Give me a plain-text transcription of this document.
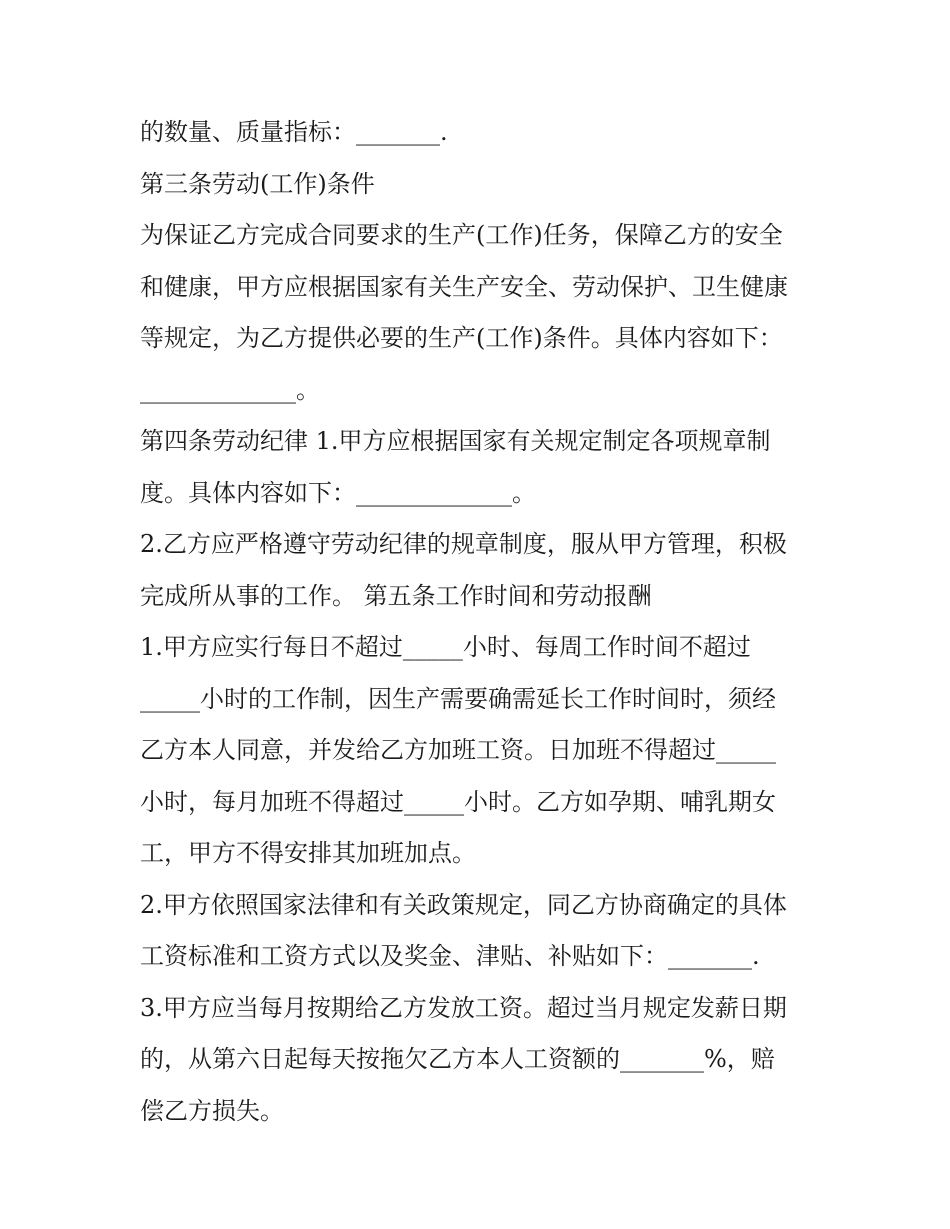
的数量、质量指标：_______.
第三条劳动(工作)条件
为保证乙方完成合同要求的生产(工作)任务，保障乙方的安全
和健康，甲方应根据国家有关生产安全、劳动保护、卫生健康
等规定，为乙方提供必要的生产(工作)条件。具体内容如下：
_____________。
第四条劳动纪律 1.甲方应根据国家有关规定制定各项规章制
度。具体内容如下：_____________。
2.乙方应严格遵守劳动纪律的规章制度，服从甲方管理，积极
完成所从事的工作。 第五条工作时间和劳动报酬
1.甲方应实行每日不超过_____小时、每周工作时间不超过
_____小时的工作制，因生产需要确需延长工作时间时，须经
乙方本人同意，并发给乙方加班工资。日加班不得超过_____
小时，每月加班不得超过_____小时。乙方如孕期、哺乳期女
工，甲方不得安排其加班加点。
2.甲方依照国家法律和有关政策规定，同乙方协商确定的具体
工资标准和工资方式以及奖金、津贴、补贴如下：_______.
3.甲方应当每月按期给乙方发放工资。超过当月规定发薪日期
的，从第六日起每天按拖欠乙方本人工资额的_______%，赔
偿乙方损失。
